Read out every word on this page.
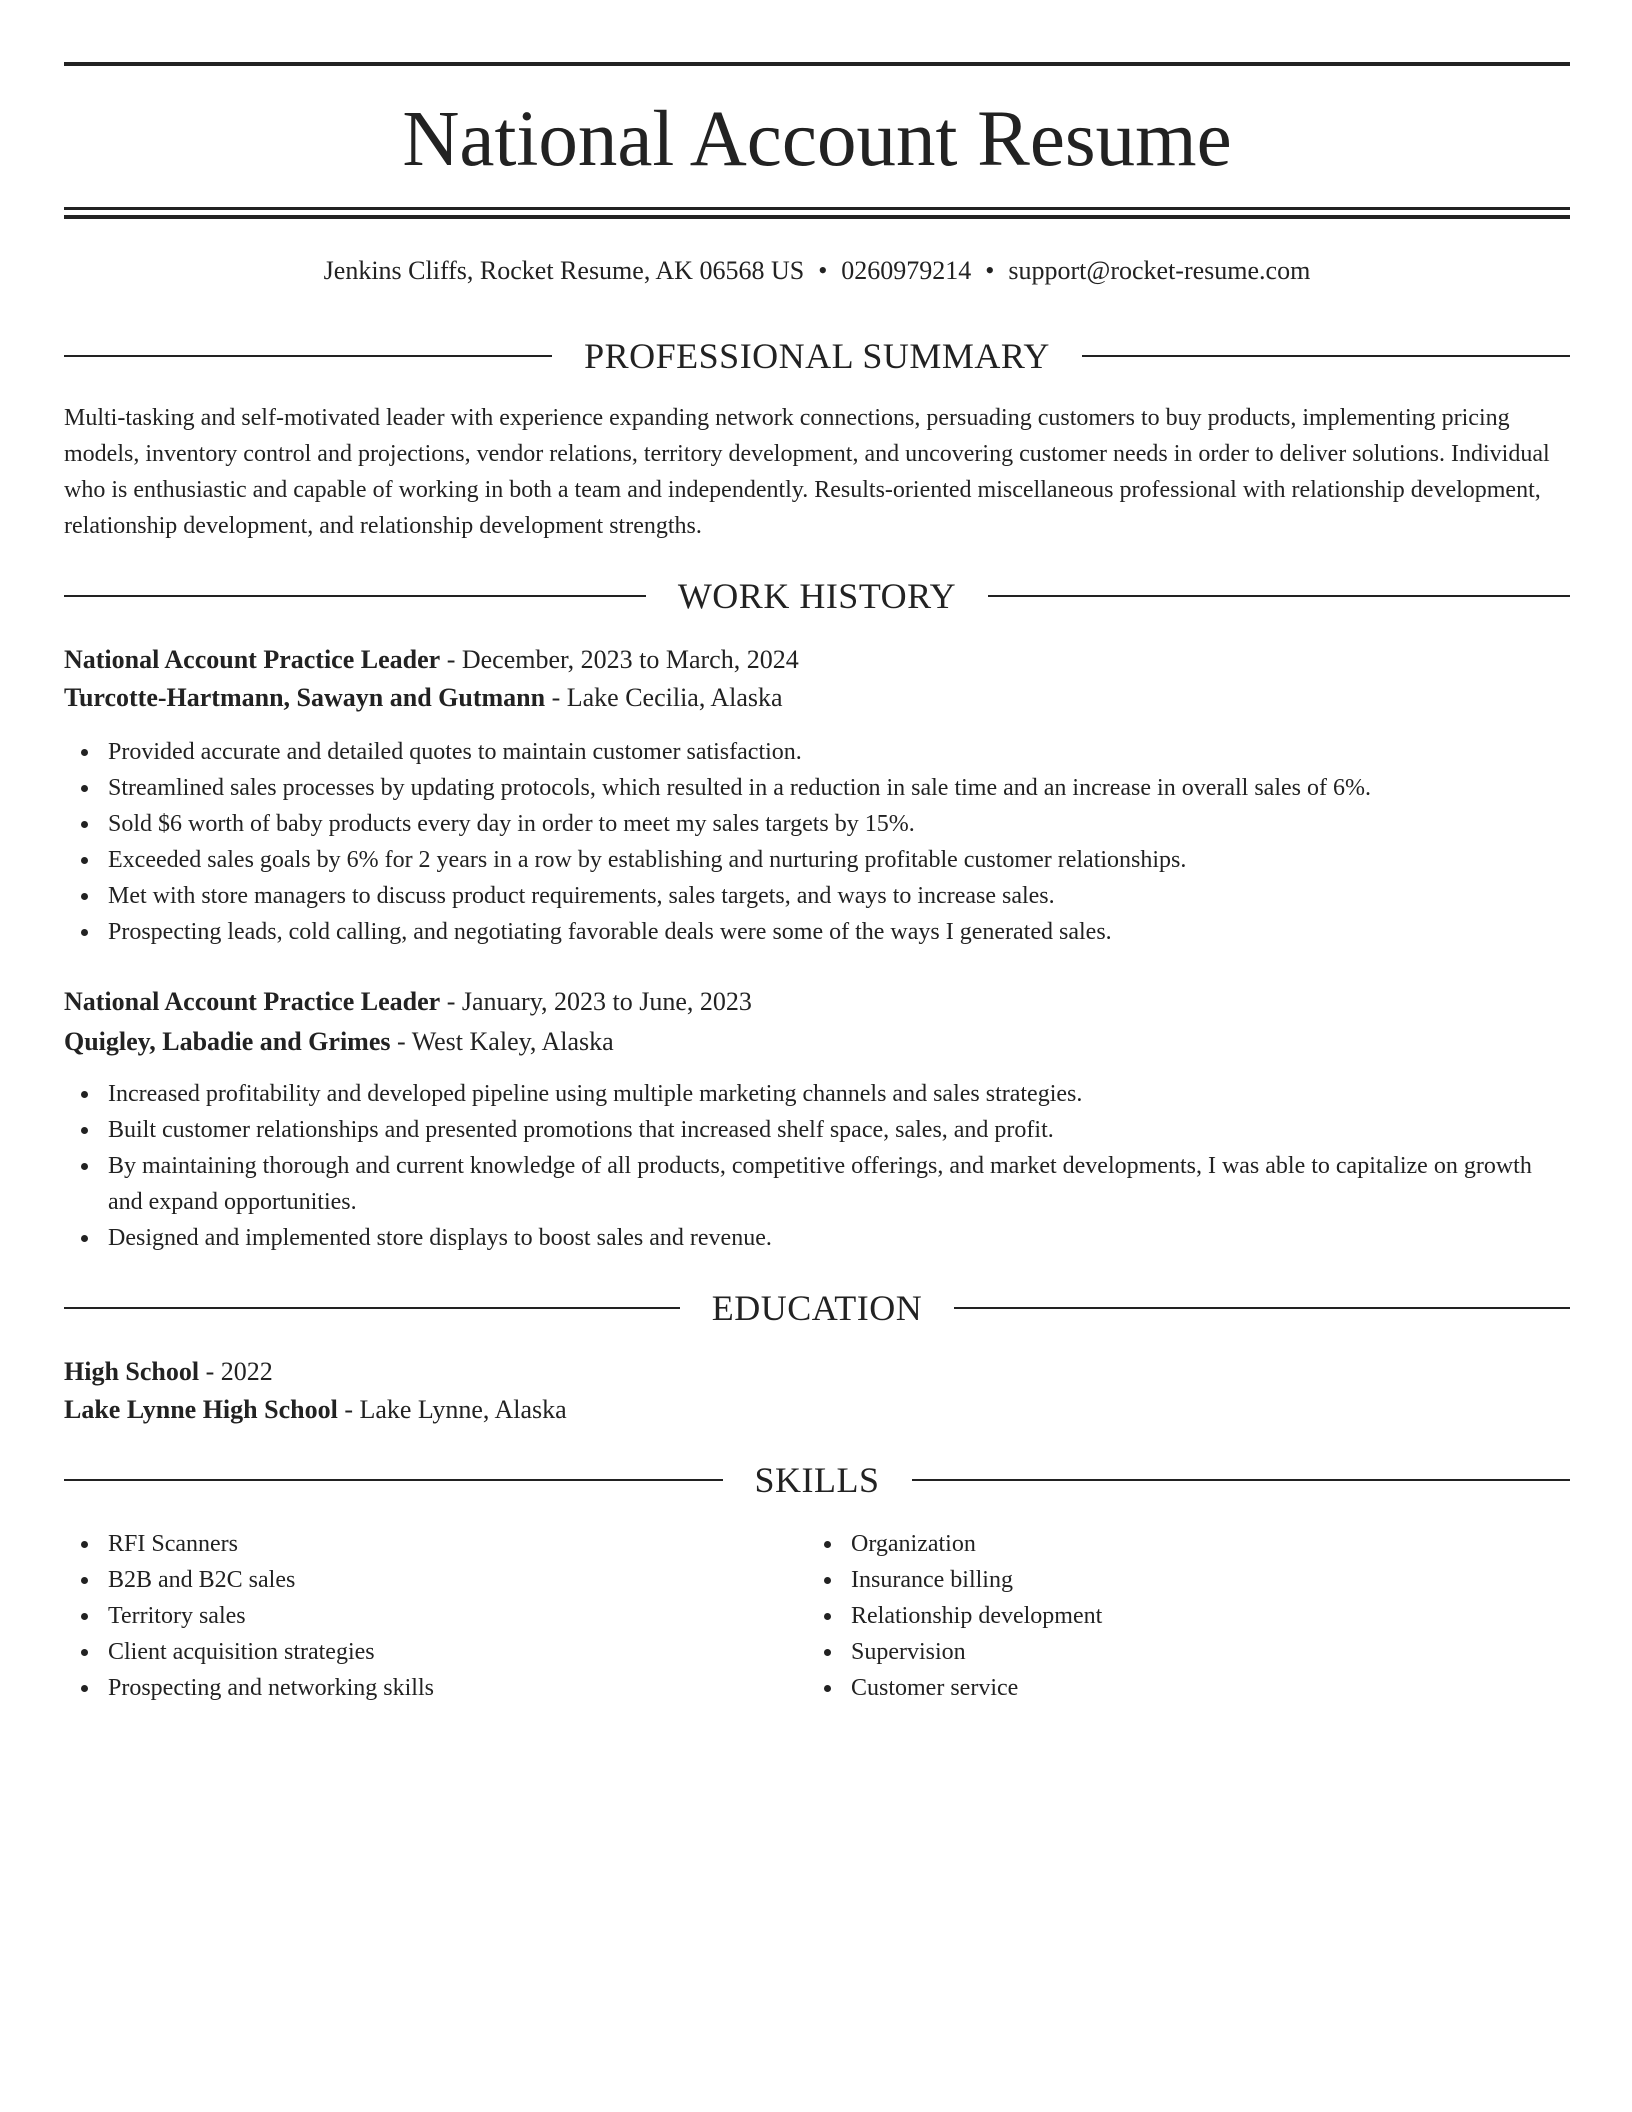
National Account Resume
Jenkins Cliffs, Rocket Resume, AK 06568 US • 0260979214 • support@rocket-resume.com
PROFESSIONAL SUMMARY

Multi-tasking and self-motivated leader with experience expanding network connections, persuading customers to buy products, implementing pricing models, inventory control and projections, vendor relations, territory development, and uncovering customer needs in order to deliver solutions. Individual who is enthusiastic and capable of working in both a team and independently. Results-oriented miscellaneous professional with relationship development, relationship development, and relationship development strengths.

WORK HISTORY
National Account Practice Leader - December, 2023 to March, 2024
Turcotte-Hartmann, Sawayn and Gutmann - Lake Cecilia, Alaska
Provided accurate and detailed quotes to maintain customer satisfaction.
Streamlined sales processes by updating protocols, which resulted in a reduction in sale time and an increase in overall sales of 6%.
Sold $6 worth of baby products every day in order to meet my sales targets by 15%.
Exceeded sales goals by 6% for 2 years in a row by establishing and nurturing profitable customer relationships.
Met with store managers to discuss product requirements, sales targets, and ways to increase sales.
Prospecting leads, cold calling, and negotiating favorable deals were some of the ways I generated sales.
National Account Practice Leader - January, 2023 to June, 2023
Quigley, Labadie and Grimes - West Kaley, Alaska
Increased profitability and developed pipeline using multiple marketing channels and sales strategies.
Built customer relationships and presented promotions that increased shelf space, sales, and profit.
By maintaining thorough and current knowledge of all products, competitive offerings, and market developments, I was able to capitalize on growth and expand opportunities.
Designed and implemented store displays to boost sales and revenue.
EDUCATION
High School - 2022
Lake Lynne High School - Lake Lynne, Alaska
SKILLS
RFI Scanners
B2B and B2C sales
Territory sales
Client acquisition strategies
Prospecting and networking skills
Organization
Insurance billing
Relationship development
Supervision
Customer service
